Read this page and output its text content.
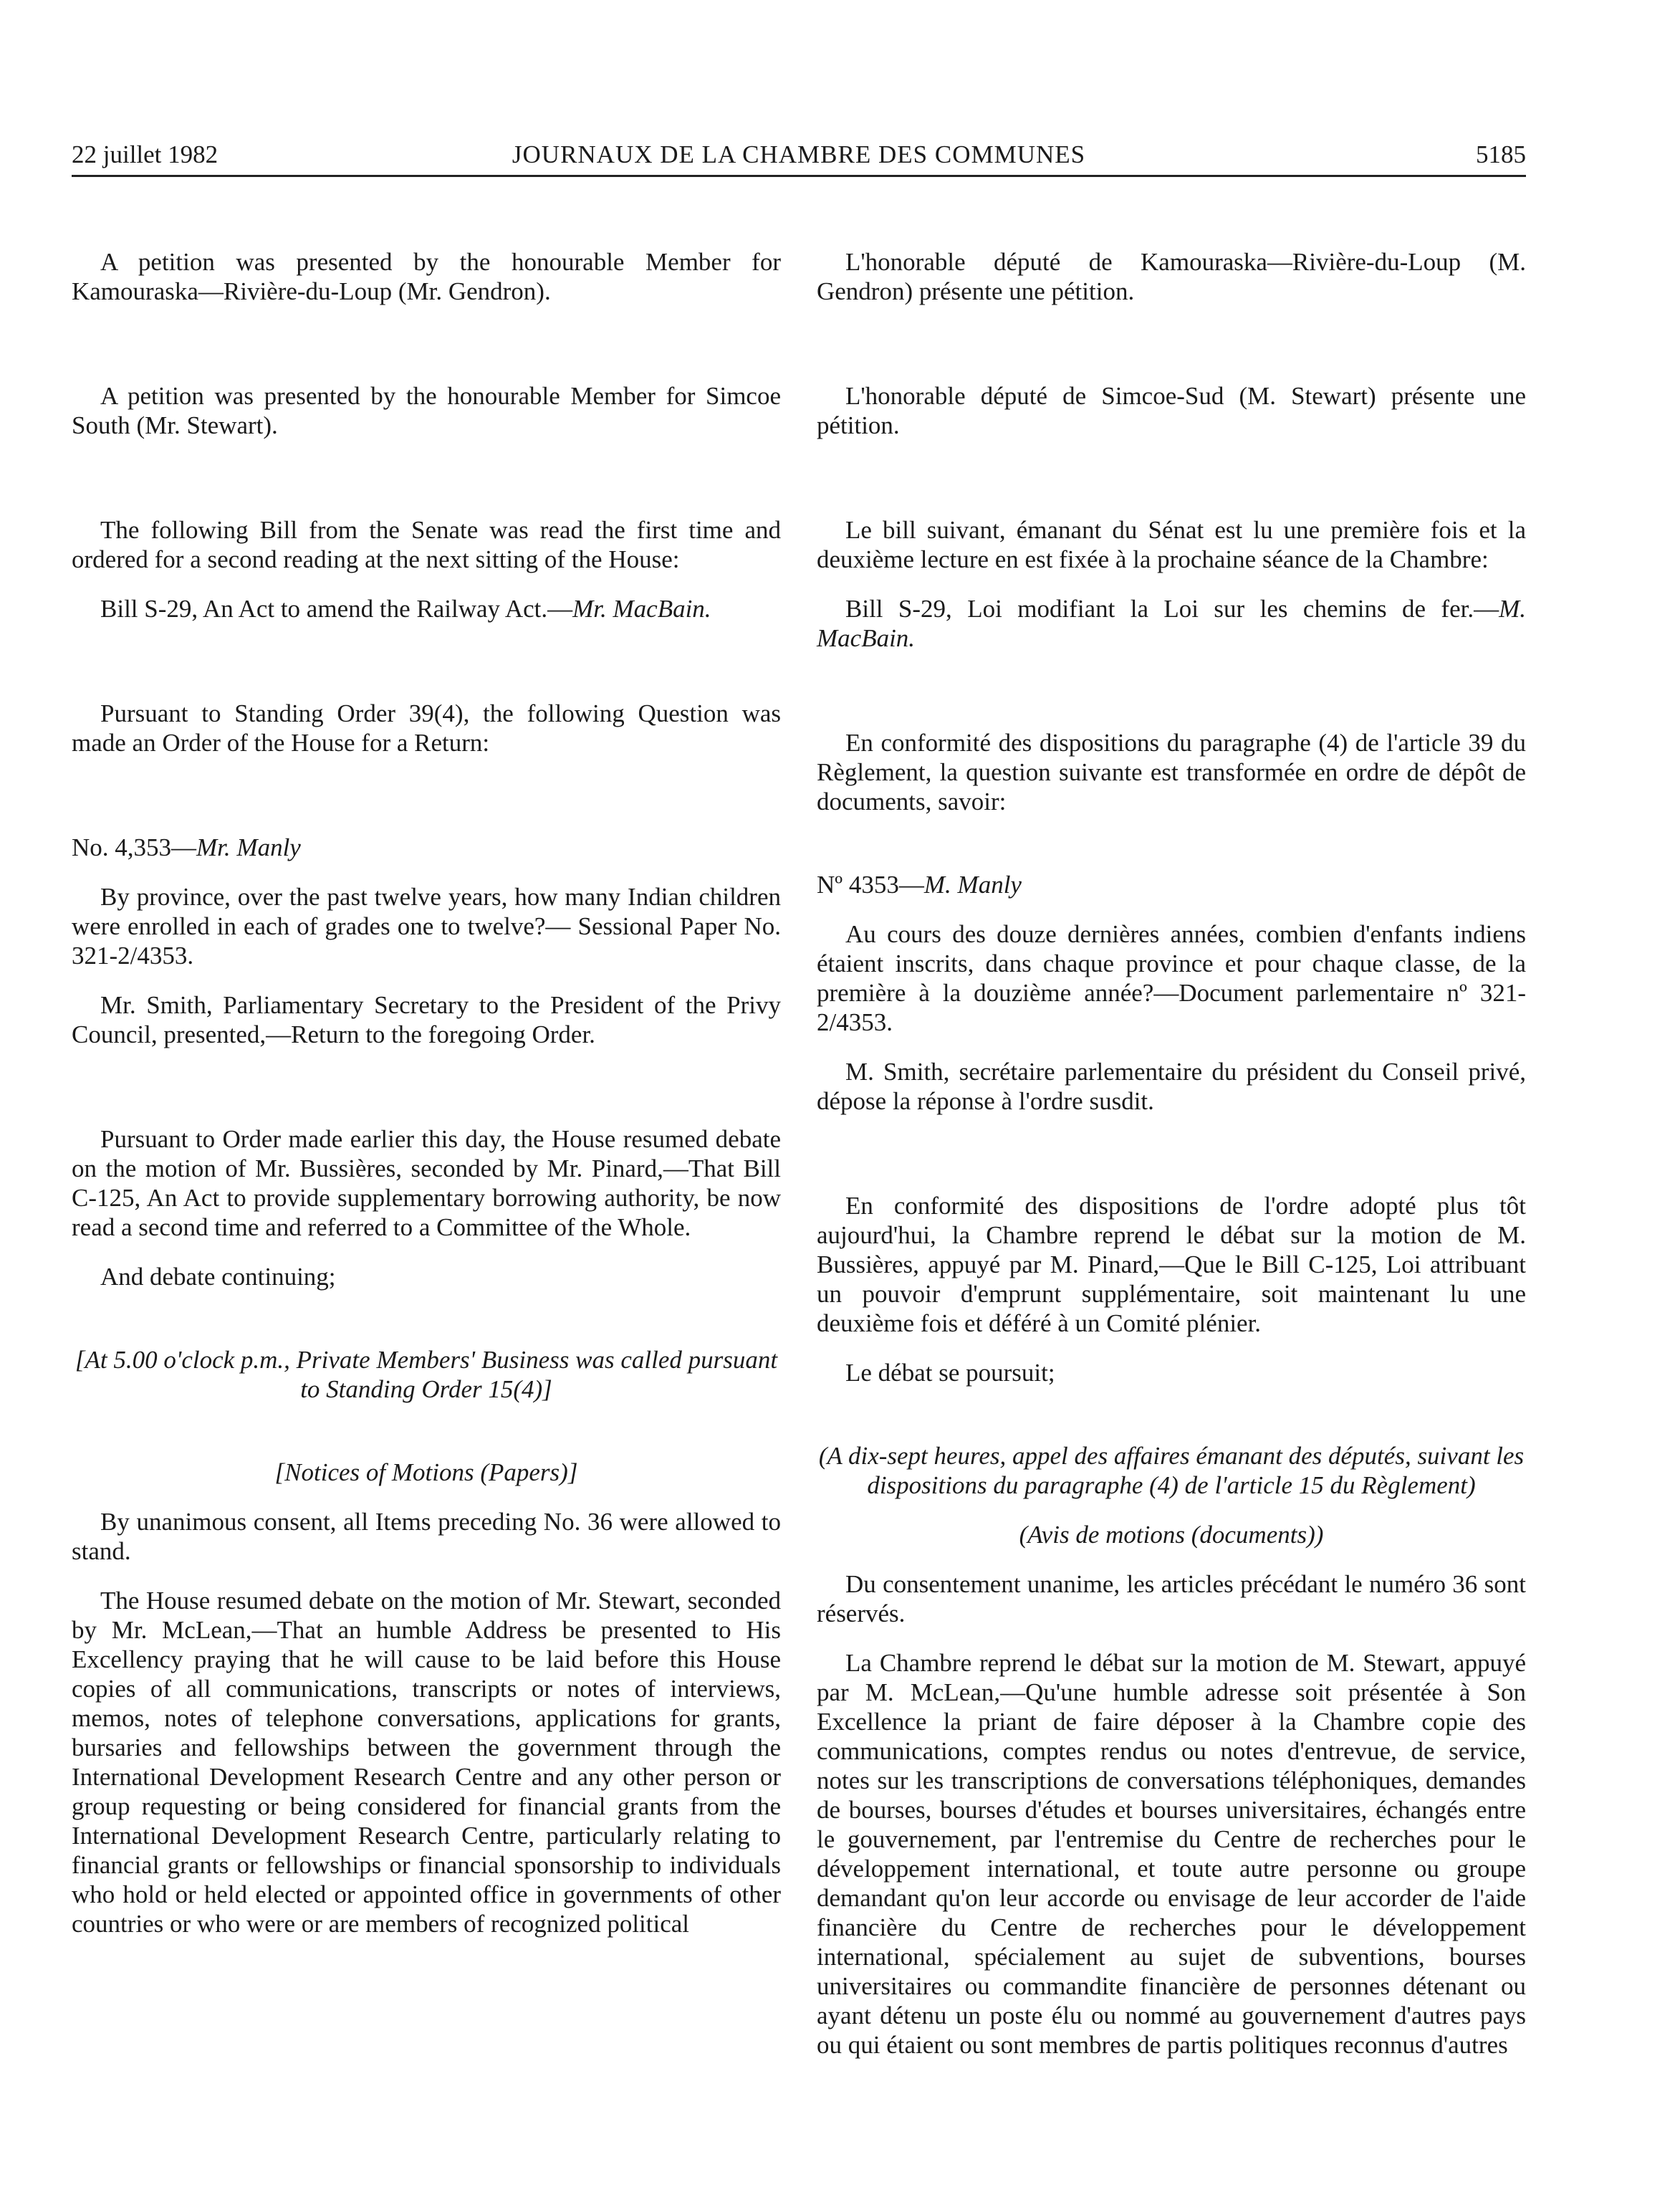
22 juillet 1982	JOURNAUX DE LA CHAMBRE DES COMMUNES	5185

A petition was presented by the honourable Member for Kamouraska—Rivière-du-Loup (Mr. Gendron).

A petition was presented by the honourable Member for Simcoe South (Mr. Stewart).

The following Bill from the Senate was read the first time and ordered for a second reading at the next sitting of the House:

Bill S-29, An Act to amend the Railway Act.—Mr. MacBain.

Pursuant to Standing Order 39(4), the following Question was made an Order of the House for a Return:

No. 4,353—Mr. Manly

By province, over the past twelve years, how many Indian children were enrolled in each of grades one to twelve?— Sessional Paper No. 321-2/4353.

Mr. Smith, Parliamentary Secretary to the President of the Privy Council, presented,—Return to the foregoing Order.

Pursuant to Order made earlier this day, the House resumed debate on the motion of Mr. Bussières, seconded by Mr. Pinard,—That Bill C-125, An Act to provide supplementary borrowing authority, be now read a second time and referred to a Committee of the Whole.

And debate continuing;

[At 5.00 o'clock p.m., Private Members' Business was called pursuant to Standing Order 15(4)]

[Notices of Motions (Papers)]

By unanimous consent, all Items preceding No. 36 were allowed to stand.

The House resumed debate on the motion of Mr. Stewart, seconded by Mr. McLean,—That an humble Address be presented to His Excellency praying that he will cause to be laid before this House copies of all communications, transcripts or notes of interviews, memos, notes of telephone conversations, applications for grants, bursaries and fellowships between the government through the International Development Research Centre and any other person or group requesting or being considered for financial grants from the International Development Research Centre, particularly relating to financial grants or fellowships or financial sponsorship to individuals who hold or held elected or appointed office in governments of other countries or who were or are members of recognized political

L'honorable député de Kamouraska—Rivière-du-Loup (M. Gendron) présente une pétition.

L'honorable député de Simcoe-Sud (M. Stewart) présente une pétition.

Le bill suivant, émanant du Sénat est lu une première fois et la deuxième lecture en est fixée à la prochaine séance de la Chambre:

Bill S-29, Loi modifiant la Loi sur les chemins de fer.—M. MacBain.

En conformité des dispositions du paragraphe (4) de l'article 39 du Règlement, la question suivante est transformée en ordre de dépôt de documents, savoir:

Nº 4353—M. Manly

Au cours des douze dernières années, combien d'enfants indiens étaient inscrits, dans chaque province et pour chaque classe, de la première à la douzième année?—Document parlementaire nº 321-2/4353.

M. Smith, secrétaire parlementaire du président du Conseil privé, dépose la réponse à l'ordre susdit.

En conformité des dispositions de l'ordre adopté plus tôt aujourd'hui, la Chambre reprend le débat sur la motion de M. Bussières, appuyé par M. Pinard,—Que le Bill C-125, Loi attribuant un pouvoir d'emprunt supplémentaire, soit maintenant lu une deuxième fois et déféré à un Comité plénier.

Le débat se poursuit;

(A dix-sept heures, appel des affaires émanant des députés, suivant les dispositions du paragraphe (4) de l'article 15 du Règlement)

(Avis de motions (documents))

Du consentement unanime, les articles précédant le numéro 36 sont réservés.

La Chambre reprend le débat sur la motion de M. Stewart, appuyé par M. McLean,—Qu'une humble adresse soit présentée à Son Excellence la priant de faire déposer à la Chambre copie des communications, comptes rendus ou notes d'entrevue, de service, notes sur les transcriptions de conversations téléphoniques, demandes de bourses, bourses d'études et bourses universitaires, échangés entre le gouvernement, par l'entremise du Centre de recherches pour le développement international, et toute autre personne ou groupe demandant qu'on leur accorde ou envisage de leur accorder de l'aide financière du Centre de recherches pour le développement international, spécialement au sujet de subventions, bourses universitaires ou commandite financière de personnes détenant ou ayant détenu un poste élu ou nommé au gouvernement d'autres pays ou qui étaient ou sont membres de partis politiques reconnus d'autres
